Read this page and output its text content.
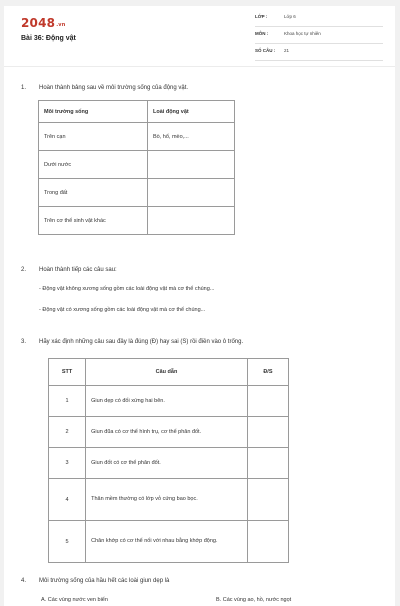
2048.vn
Bài 36: Động vật
LỚP :	Lớp 6
MÔN :	Khoa học tự nhiên
SỐ CÂU :	21
1. Hoàn thành bảng sau về môi trường sống của động vật.
Môi trường sống	Loài động vật
Trên cạn	Bò, hổ, mèo,...
Dưới nước	
Trong đất	
Trên cơ thể sinh vật khác	
2. Hoàn thành tiếp các câu sau:
- Động vật không xương sống gồm các loài động vật mà cơ thể chúng...
- Động vật có xương sống gồm các loài động vật mà cơ thể chúng...
3. Hãy xác định những câu sau đây là đúng (Đ) hay sai (S) rồi điền vào ô trống.
STT	Câu dẫn	Đ/S
1	Giun dẹp có đối xứng hai bên.	
2	Giun đũa có cơ thể hình trụ, cơ thể phân đốt.	
3	Giun đốt có cơ thể phân đốt.	
4	Thân mềm thường có lớp vỏ cứng bao bọc.	
5	Chân khớp có cơ thể nối với nhau bằng khớp động.	
4. Môi trường sống của hầu hết các loài giun dẹp là
A. Các vùng nước ven biển	B. Các vùng ao, hồ, nước ngọt
